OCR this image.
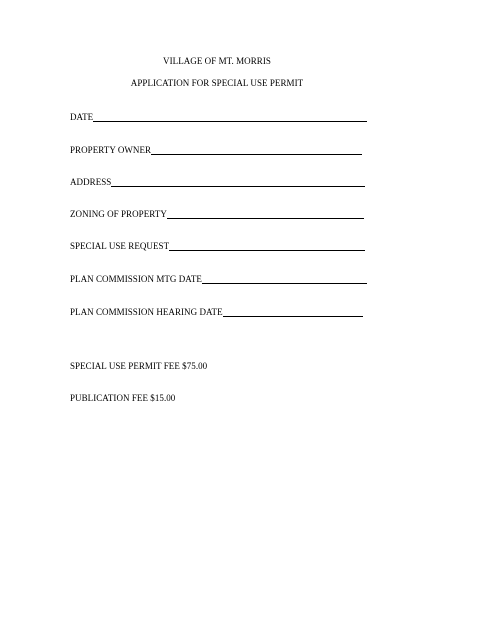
VILLAGE OF MT. MORRIS
APPLICATION FOR SPECIAL USE PERMIT
DATE
PROPERTY OWNER
ADDRESS
ZONING OF PROPERTY
SPECIAL USE REQUEST
PLAN COMMISSION MTG DATE
PLAN COMMISSION HEARING DATE
SPECIAL USE PERMIT FEE $75.00
PUBLICATION FEE $15.00
